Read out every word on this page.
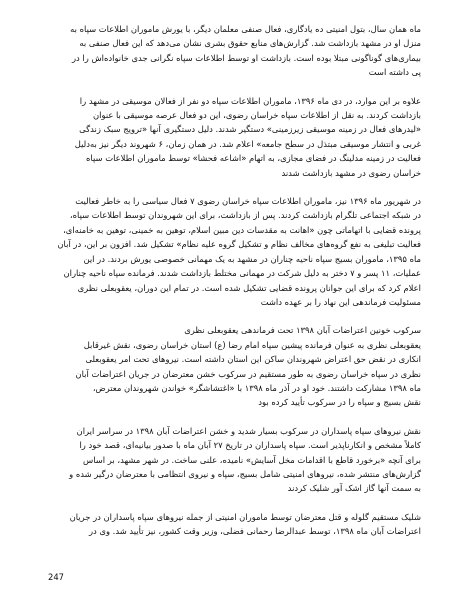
ماه همان سال، بتول امنیتی ده یادگاری، فعال صنفی معلمان دیگر، با یورش ماموران اطلاعات سپاه به
منزل او در مشهد بازداشت شد. گزارش‌های منابع حقوق بشری نشان می‌دهد که این فعال صنفی به
بیماری‌های گوناگونی مبتلا بوده است. بازداشت او توسط اطلاعات سپاه نگرانی جدی خانواده‌اش را در
پی داشته است

علاوه بر این موارد، در دی ماه ۱۳۹۶، ماموران اطلاعات سپاه دو نفر از فعالان موسیقی در مشهد را
بازداشت کردند. به نقل از اطلاعات سپاه خراسان رضوی، این دو فعال عرصه موسیقی با عنوان
«لیدرهای فعال در زمینه موسیقی زیرزمینی» دستگیر شدند. دلیل دستگیری آنها «ترویج سبک زندگی
غربی و انتشار موسیقی مبتذل در سطح جامعه» اعلام شد. در همان زمان، ۶ شهروند دیگر نیز به‌دلیل
فعالیت در زمینه مدلینگ در فضای مجازی، به اتهام «اشاعه فحشا» توسط ماموران اطلاعات سپاه
خراسان رضوی در مشهد بازداشت شدند

در شهریور ماه ۱۳۹۶ نیز، ماموران اطلاعات سپاه خراسان رضوی ۷ فعال سیاسی را به خاطر فعالیت
در شبکه اجتماعی تلگرام بازداشت کردند. پس از بازداشت، برای این شهروندان توسط اطلاعات سپاه،
پرونده قضایی با اتهاماتی چون «اهانت به مقدسات دین مبین اسلام، توهین به خمینی، توهین به خامنه‌ای،
فعالیت تبلیغی به نفع گروه‌های مخالف نظام و تشکیل گروه علیه نظام» تشکیل شد. افزون بر این، در آبان
ماه ۱۳۹۵، ماموران بسیج سپاه ناحیه چناران در مشهد به یک مهمانی خصوصی یورش بردند. در این
عملیات، ۱۱ پسر و ۷ دختر به دلیل شرکت در مهمانی مختلط بازداشت شدند. فرمانده سپاه ناحیه چناران
اعلام کرد که برای این جوانان پرونده قضایی تشکیل شده است. در تمام این دوران، یعقوبعلی نظری
مسئولیت فرماندهی این نهاد را بر عهده داشت

سرکوب خونین اعتراضات آبان ۱۳۹۸ تحت فرماندهی یعقوبعلی نظری

یعقوبعلی نظری به عنوان فرمانده پیشین سپاه امام رضا (ع) استان خراسان رضوی، نقش غیرقابل
انکاری در نقض حق اعتراض شهروندان ساکن این استان داشته است. نیروهای تحت امر یعقوبعلی
نظری در سپاه خراسان رضوی به طور مستقیم در سرکوب خشن معترضان در جریان اعتراضات آبان
ماه ۱۳۹۸ مشارکت داشتند. خود او در آذر ماه ۱۳۹۸ با «اغتشاشگر» خواندن شهروندان معترض،
نقش بسیج و سپاه را در سرکوب تأیید کرده بود

نقش نیروهای سپاه پاسداران در سرکوب بسیار شدید و خشن اعتراضات آبان ۱۳۹۸ در سراسر ایران
کاملاً مشخص و انکارناپذیر است. سپاه پاسداران در تاریخ ۲۷ آبان ماه با صدور بیانیه‌ای، قصد خود را
برای آنچه «برخورد قاطع با اقدامات مخل آسایش» نامیده، علنی ساخت. در شهر مشهد، بر اساس
گزارش‌های منتشر شده، نیروهای امنیتی شامل بسیج، سپاه و نیروی انتظامی با معترضان درگیر شده و
به سمت آنها گاز اشک آور شلیک کردند

شلیک مستقیم گلوله و قتل معترضان توسط ماموران امنیتی از جمله نیروهای سپاه پاسداران در جریان
اعتراضات آبان ماه ۱۳۹۸، توسط عبدالرضا رحمانی فضلی، وزیر وقت کشور، نیز تأیید شد. وی در

247
